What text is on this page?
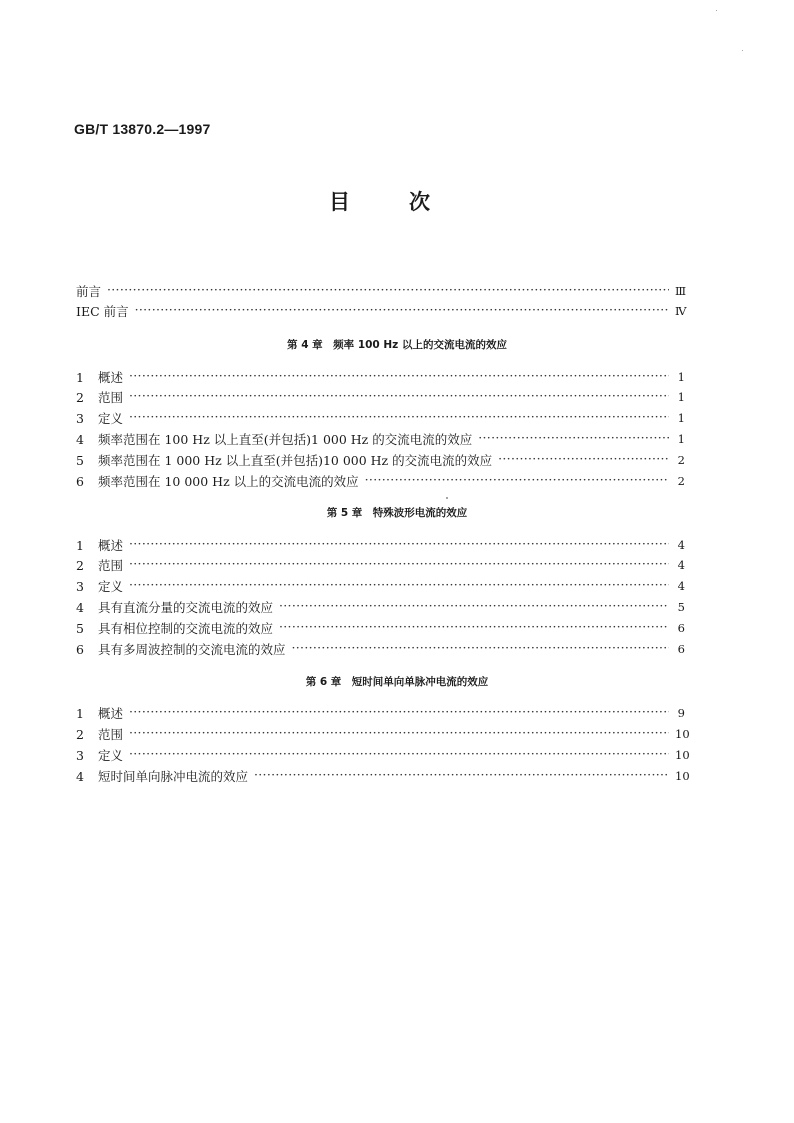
GB/T 13870.2—1997
目	次
前言 ·····	Ⅲ
IEC 前言 ·····	Ⅳ
第 4 章　频率 100 Hz 以上的交流电流的效应
1	概述 ·····	1
2	范围 ·····	1
3	定义 ·····	1
4	频率范围在 100 Hz 以上直至(并包括)1 000 Hz 的交流电流的效应 ·····	1
5	频率范围在 1 000 Hz 以上直至(并包括)10 000 Hz 的交流电流的效应 ·····	2
6	频率范围在 10 000 Hz 以上的交流电流的效应 ·····	2
第 5 章　特殊波形电流的效应
1	概述 ·····	4
2	范围 ·····	4
3	定义 ·····	4
4	具有直流分量的交流电流的效应 ·····	5
5	具有相位控制的交流电流的效应 ·····	6
6	具有多周波控制的交流电流的效应 ·····	6
第 6 章　短时间单向单脉冲电流的效应
1	概述 ·····	9
2	范围 ·····	10
3	定义 ·····	10
4	短时间单向脉冲电流的效应 ·····	10
